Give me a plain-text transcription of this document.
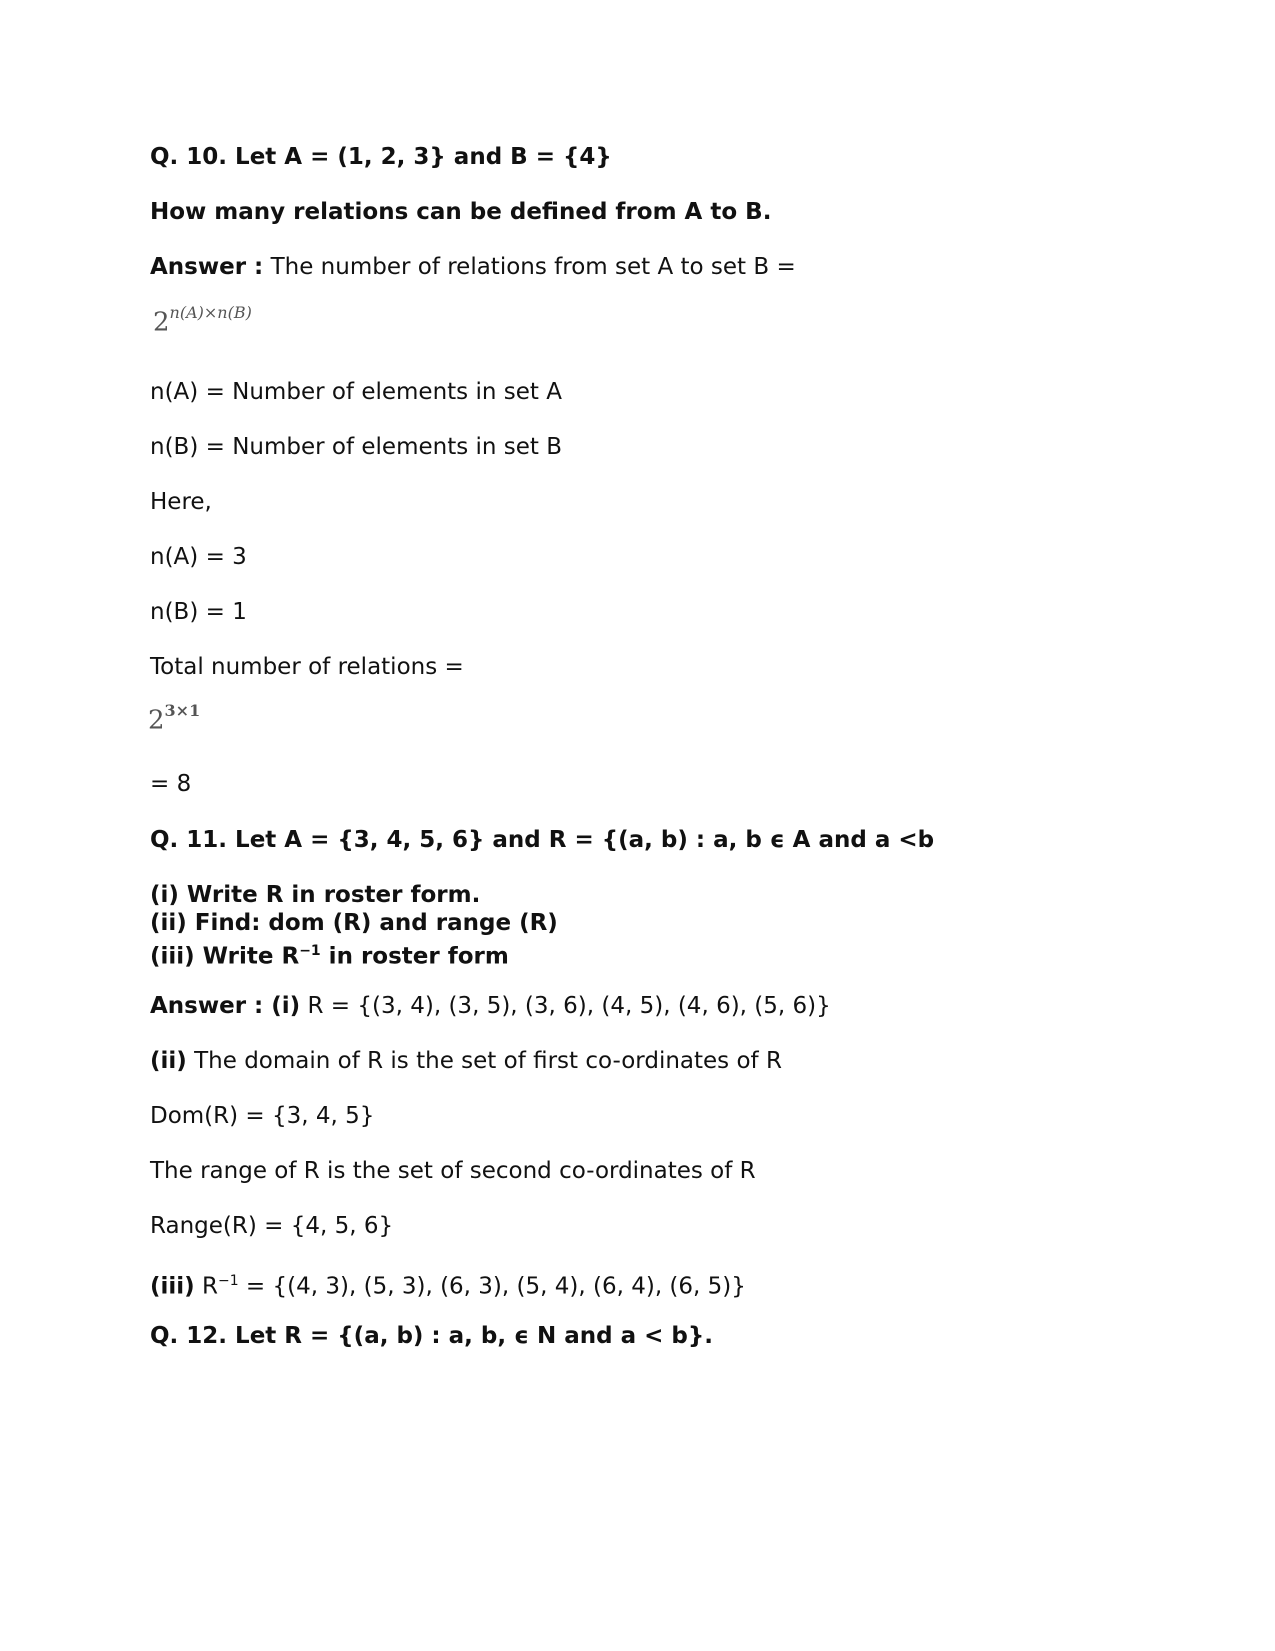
Q. 10. Let A = (1, 2, 3} and B = {4}
How many relations can be defined from A to B.
Answer : The number of relations from set A to set B =
$2^{n(A)\times n(B)}$
n(A) = Number of elements in set A
n(B) = Number of elements in set B
Here,
n(A) = 3
n(B) = 1
Total number of relations =
$2^{3\times 1}$
= 8
Q. 11. Let A = {3, 4, 5, 6} and R = {(a, b) : a, b ϵ A and a <b
(i) Write R in roster form.
(ii) Find: dom (R) and range (R)
(iii) Write $R^{-1}$ in roster form
Answer : (i) R = {(3, 4), (3, 5), (3, 6), (4, 5), (4, 6), (5, 6)}
(ii) The domain of R is the set of first co-ordinates of R
Dom(R) = {3, 4, 5}
The range of R is the set of second co-ordinates of R
Range(R) = {4, 5, 6}
(iii) $R^{-1} = \{(4$, 3), (5, 3), (6, 3), (5, 4), (6, 4), (6, 5)}
Q. 12. Let R = {(a, b) : a, b, ϵ N and a < b}.
